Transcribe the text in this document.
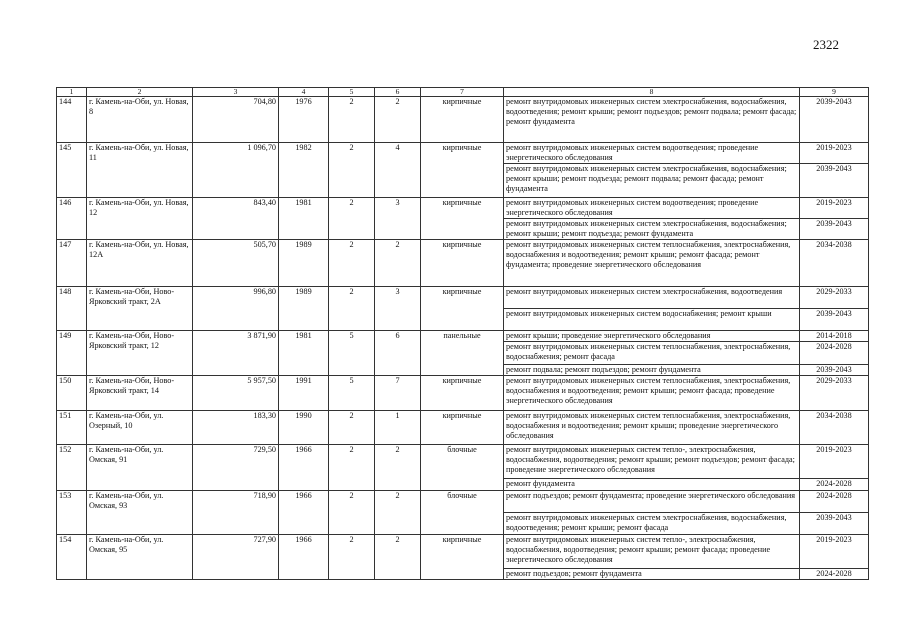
2322
1	2	3	4	5	6	7	8	9
144	г. Камень-на-Оби, ул. Новая, 8	704,80	1976	2	2	кирпичные	ремонт внутридомовых инженерных систем электроснабжения, водоснабжения, водоотведения; ремонт крыши; ремонт подъездов; ремонт подвала; ремонт фасада; ремонт фундамента	2039-2043
145	г. Камень-на-Оби, ул. Новая, 11	1 096,70	1982	2	4	кирпичные	ремонт внутридомовых инженерных систем водоотведения; проведение энергетического обследования	2019-2023
							ремонт внутридомовых инженерных систем электроснабжения, водоснабжения; ремонт крыши; ремонт подъезда; ремонт подвала; ремонт фасада; ремонт фундамента	2039-2043
146	г. Камень-на-Оби, ул. Новая, 12	843,40	1981	2	3	кирпичные	ремонт внутридомовых инженерных систем водоотведения; проведение энергетического обследования	2019-2023
							ремонт внутридомовых инженерных систем электроснабжения, водоснабжения; ремонт крыши; ремонт подъезда; ремонт фундамента	2039-2043
147	г. Камень-на-Оби, ул. Новая, 12А	505,70	1989	2	2	кирпичные	ремонт внутридомовых инженерных систем теплоснабжения, электроснабжения, водоснабжения и водоотведения; ремонт крыши; ремонт фасада; ремонт фундамента; проведение энергетического обследования	2034-2038
148	г. Камень-на-Оби, Ново-Ярковский тракт, 2А	996,80	1989	2	3	кирпичные	ремонт внутридомовых инженерных систем электроснабжения, водоотведения	2029-2033
							ремонт внутридомовых инженерных систем водоснабжения; ремонт крыши	2039-2043
149	г. Камень-на-Оби, Ново-Ярковский тракт, 12	3 871,90	1981	5	6	панельные	ремонт крыши; проведение энергетического обследования	2014-2018
							ремонт внутридомовых инженерных систем теплоснабжения, электроснабжения, водоснабжения; ремонт фасада	2024-2028
							ремонт подвала; ремонт подъездов; ремонт фундамента	2039-2043
150	г. Камень-на-Оби, Ново-Ярковский тракт, 14	5 957,50	1991	5	7	кирпичные	ремонт внутридомовых инженерных систем теплоснабжения, электроснабжения, водоснабжения и водоотведения; ремонт крыши; ремонт фасада; проведение энергетического обследования	2029-2033
151	г. Камень-на-Оби, ул. Озерный, 10	183,30	1990	2	1	кирпичные	ремонт внутридомовых инженерных систем теплоснабжения, электроснабжения, водоснабжения и водоотведения; ремонт крыши; проведение энергетического обследования	2034-2038
152	г. Камень-на-Оби, ул. Омская, 91	729,50	1966	2	2	блочные	ремонт внутридомовых инженерных систем тепло-, электроснабжения, водоснабжения, водоотведения; ремонт крыши; ремонт подъездов; ремонт фасада; проведение энергетического обследования	2019-2023
							ремонт фундамента	2024-2028
153	г. Камень-на-Оби, ул. Омская, 93	718,90	1966	2	2	блочные	ремонт подъездов; ремонт фундамента; проведение энергетического обследования	2024-2028
							ремонт внутридомовых инженерных систем электроснабжения, водоснабжения, водоотведения; ремонт крыши; ремонт фасада	2039-2043
154	г. Камень-на-Оби, ул. Омская, 95	727,90	1966	2	2	кирпичные	ремонт внутридомовых инженерных систем тепло-, электроснабжения, водоснабжения, водоотведения; ремонт крыши; ремонт фасада; проведение энергетического обследования	2019-2023
							ремонт подъездов; ремонт фундамента	2024-2028
